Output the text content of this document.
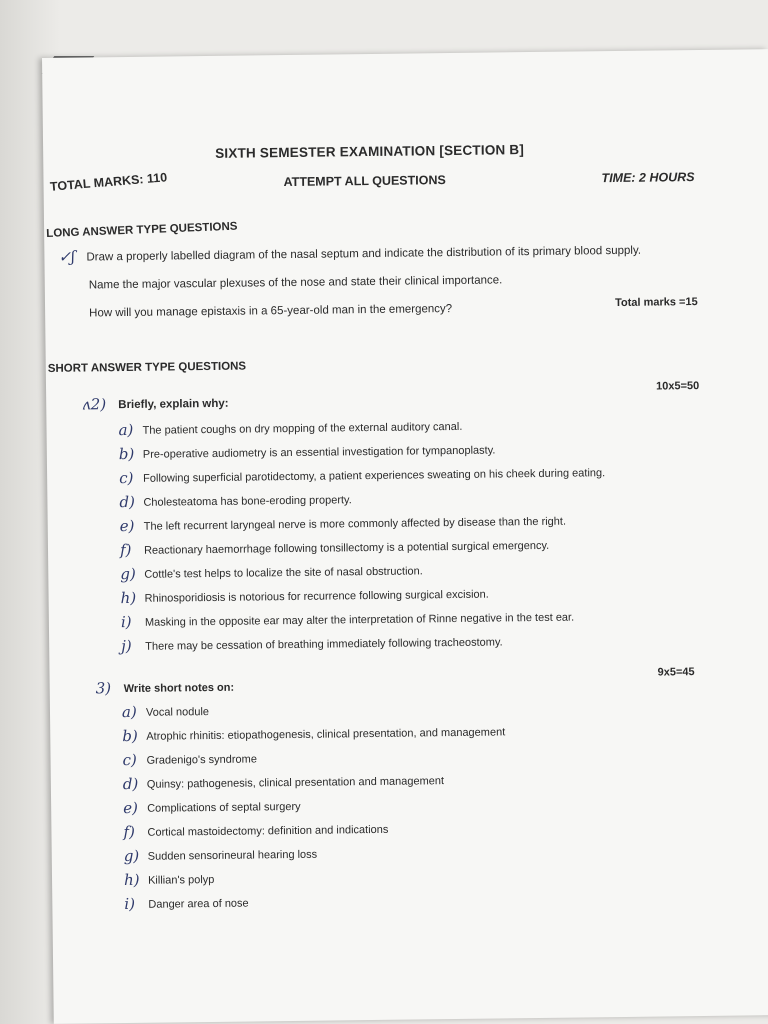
SIXTH SEMESTER EXAMINATION [SECTION B]
TOTAL MARKS: 110	ATTEMPT ALL QUESTIONS	TIME: 2 HOURS
LONG ANSWER TYPE QUESTIONS
✓ʃ Draw a properly labelled diagram of the nasal septum and indicate the distribution of its primary blood supply.
Name the major vascular plexuses of the nose and state their clinical importance.
How will you manage epistaxis in a 65-year-old man in the emergency?
Total marks =15
SHORT ANSWER TYPE QUESTIONS
10x5=50
ʌ2) Briefly, explain why:
a) The patient coughs on dry mopping of the external auditory canal.
b) Pre-operative audiometry is an essential investigation for tympanoplasty.
c) Following superficial parotidectomy, a patient experiences sweating on his cheek during eating.
d) Cholesteatoma has bone-eroding property.
e) The left recurrent laryngeal nerve is more commonly affected by disease than the right.
f) Reactionary haemorrhage following tonsillectomy is a potential surgical emergency.
g) Cottle's test helps to localize the site of nasal obstruction.
h) Rhinosporidiosis is notorious for recurrence following surgical excision.
i) Masking in the opposite ear may alter the interpretation of Rinne negative in the test ear.
j) There may be cessation of breathing immediately following tracheostomy.
9x5=45
3) Write short notes on:
a) Vocal nodule
b) Atrophic rhinitis: etiopathogenesis, clinical presentation, and management
c) Gradenigo's syndrome
d) Quinsy: pathogenesis, clinical presentation and management
e) Complications of septal surgery
f) Cortical mastoidectomy: definition and indications
g) Sudden sensorineural hearing loss
h) Killian's polyp
i) Danger area of nose
